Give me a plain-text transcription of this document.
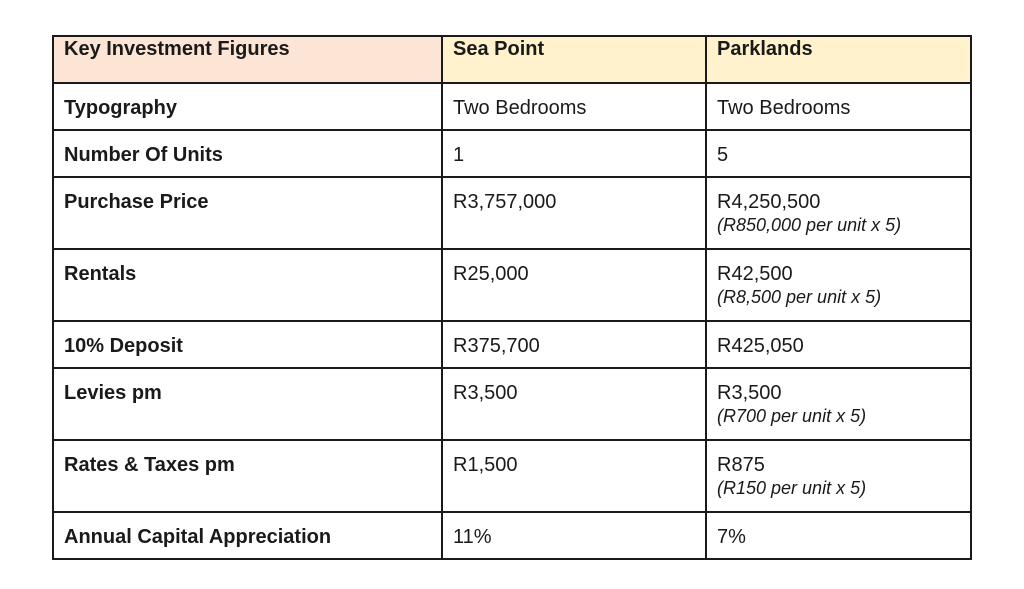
Key Investment Figures	Sea Point	Parklands
Typography	Two Bedrooms	Two Bedrooms

Number Of Units	1	5

Purchase Price	R3,757,000	R4,250,500
(R850,000 per unit x 5)

Rentals	R25,000	R42,500
(R8,500 per unit x 5)

10% Deposit	R375,700	R425,050

Levies pm	R3,500	R3,500
(R700 per unit x 5)

Rates & Taxes pm	R1,500	R875
(R150 per unit x 5)

Annual Capital Appreciation	11%	7%
